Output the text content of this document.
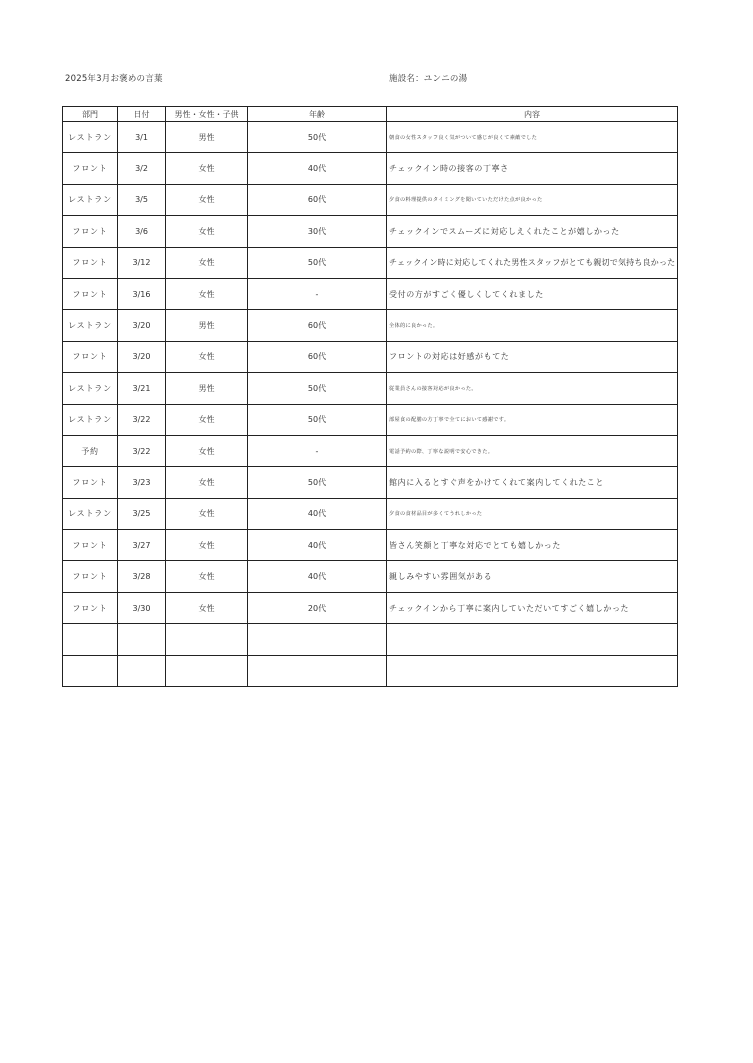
2025年3月お褒めの言葉	施設名：ユンニの湯
部門	日付	男性・女性・子供	年齢	内容
レストラン	3/1	男性	50代	朝食の女性スタッフ良く気がついて感じが良くて素敵でした
フロント	3/2	女性	40代	チェックイン時の接客の丁寧さ
レストラン	3/5	女性	60代	夕食の料理提供のタイミングを聞いていただけた点が良かった
フロント	3/6	女性	30代	チェックインでスムーズに対応しえくれたことが嬉しかった
フロント	3/12	女性	50代	チェックイン時に対応してくれた男性スタッフがとても親切で気持ち良かった
フロント	3/16	女性	-	受付の方がすごく優しくしてくれました
レストラン	3/20	男性	60代	全体的に良かった。
フロント	3/20	女性	60代	フロントの対応は好感がもてた
レストラン	3/21	男性	50代	従業員さんの接客対応が良かった。
レストラン	3/22	女性	50代	部屋食の配膳の方丁寧で全てにおいて感謝です。
予約	3/22	女性	-	電話予約の際、丁寧な説明で安心できた。
フロント	3/23	女性	50代	館内に入るとすぐ声をかけてくれて案内してくれたこと
レストラン	3/25	女性	40代	夕食の食材品目が多くてうれしかった
フロント	3/27	女性	40代	皆さん笑顔と丁寧な対応でとても嬉しかった
フロント	3/28	女性	40代	親しみやすい雰囲気がある
フロント	3/30	女性	20代	チェックインから丁寧に案内していただいてすごく嬉しかった
